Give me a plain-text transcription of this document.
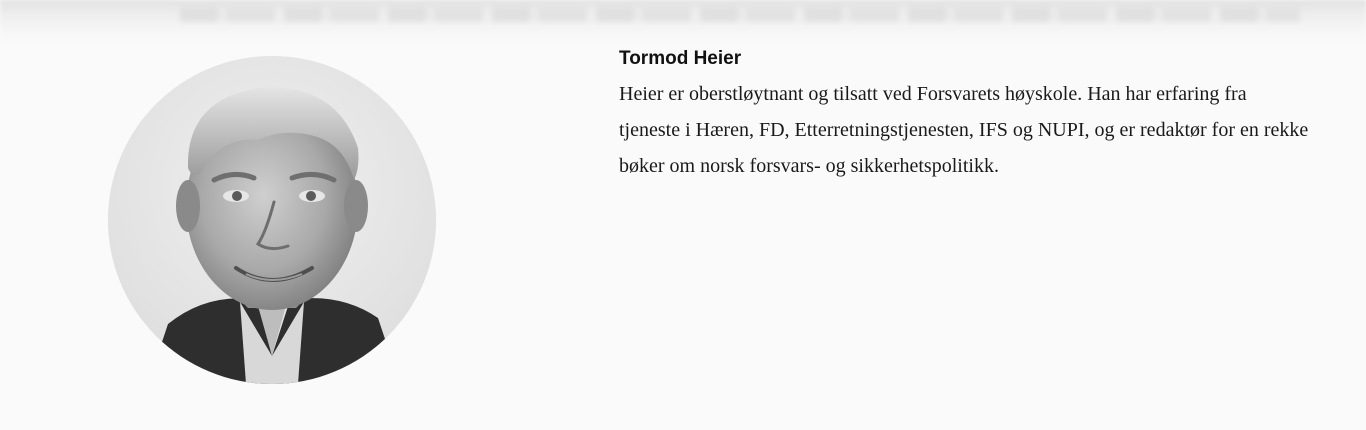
Tormod Heier

Heier er oberstløytnant og tilsatt ved Forsvarets høyskole. Han har erfaring fra tjeneste i Hæren, FD, Etterretningstjenesten, IFS og NUPI, og er redaktør for en rekke bøker om norsk forsvars- og sikkerhetspolitikk.
